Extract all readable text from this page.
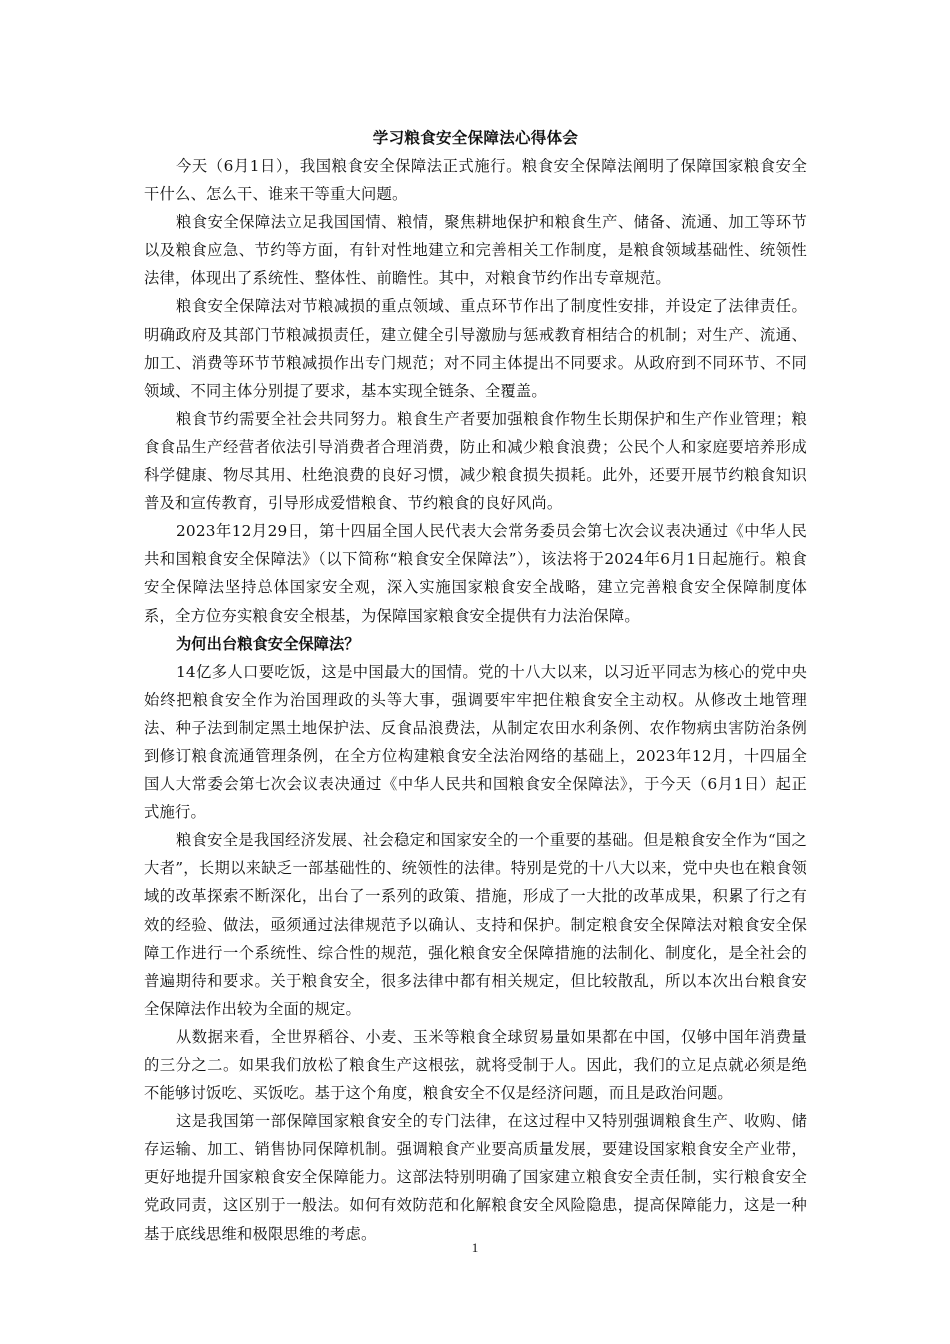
学习粮食安全保障法心得体会

今天（6月1日），我国粮食安全保障法正式施行。粮食安全保障法阐明了保障国家粮食安全干什么、怎么干、谁来干等重大问题。

粮食安全保障法立足我国国情、粮情，聚焦耕地保护和粮食生产、储备、流通、加工等环节以及粮食应急、节约等方面，有针对性地建立和完善相关工作制度，是粮食领域基础性、统领性法律，体现出了系统性、整体性、前瞻性。其中，对粮食节约作出专章规范。

粮食安全保障法对节粮减损的重点领域、重点环节作出了制度性安排，并设定了法律责任。明确政府及其部门节粮减损责任，建立健全引导激励与惩戒教育相结合的机制；对生产、流通、加工、消费等环节节粮减损作出专门规范；对不同主体提出不同要求。从政府到不同环节、不同领域、不同主体分别提了要求，基本实现全链条、全覆盖。

粮食节约需要全社会共同努力。粮食生产者要加强粮食作物生长期保护和生产作业管理；粮食食品生产经营者依法引导消费者合理消费，防止和减少粮食浪费；公民个人和家庭要培养形成科学健康、物尽其用、杜绝浪费的良好习惯，减少粮食损失损耗。此外，还要开展节约粮食知识普及和宣传教育，引导形成爱惜粮食、节约粮食的良好风尚。

2023年12月29日，第十四届全国人民代表大会常务委员会第七次会议表决通过《中华人民共和国粮食安全保障法》（以下简称“粮食安全保障法”），该法将于2024年6月1日起施行。粮食安全保障法坚持总体国家安全观，深入实施国家粮食安全战略，建立完善粮食安全保障制度体系，全方位夯实粮食安全根基，为保障国家粮食安全提供有力法治保障。

为何出台粮食安全保障法？

14亿多人口要吃饭，这是中国最大的国情。党的十八大以来，以习近平同志为核心的党中央始终把粮食安全作为治国理政的头等大事，强调要牢牢把住粮食安全主动权。从修改土地管理法、种子法到制定黑土地保护法、反食品浪费法，从制定农田水利条例、农作物病虫害防治条例到修订粮食流通管理条例，在全方位构建粮食安全法治网络的基础上，2023年12月，十四届全国人大常委会第七次会议表决通过《中华人民共和国粮食安全保障法》，于今天（6月1日）起正式施行。

粮食安全是我国经济发展、社会稳定和国家安全的一个重要的基础。但是粮食安全作为“国之大者”，长期以来缺乏一部基础性的、统领性的法律。特别是党的十八大以来，党中央也在粮食领域的改革探索不断深化，出台了一系列的政策、措施，形成了一大批的改革成果，积累了行之有效的经验、做法，亟须通过法律规范予以确认、支持和保护。制定粮食安全保障法对粮食安全保障工作进行一个系统性、综合性的规范，强化粮食安全保障措施的法制化、制度化，是全社会的普遍期待和要求。关于粮食安全，很多法律中都有相关规定，但比较散乱，所以本次出台粮食安全保障法作出较为全面的规定。

从数据来看，全世界稻谷、小麦、玉米等粮食全球贸易量如果都在中国，仅够中国年消费量的三分之二。如果我们放松了粮食生产这根弦，就将受制于人。因此，我们的立足点就必须是绝不能够讨饭吃、买饭吃。基于这个角度，粮食安全不仅是经济问题，而且是政治问题。

这是我国第一部保障国家粮食安全的专门法律，在这过程中又特别强调粮食生产、收购、储存运输、加工、销售协同保障机制。强调粮食产业要高质量发展，要建设国家粮食安全产业带，更好地提升国家粮食安全保障能力。这部法特别明确了国家建立粮食安全责任制，实行粮食安全党政同责，这区别于一般法。如何有效防范和化解粮食安全风险隐患，提高保障能力，这是一种基于底线思维和极限思维的考虑。

1
